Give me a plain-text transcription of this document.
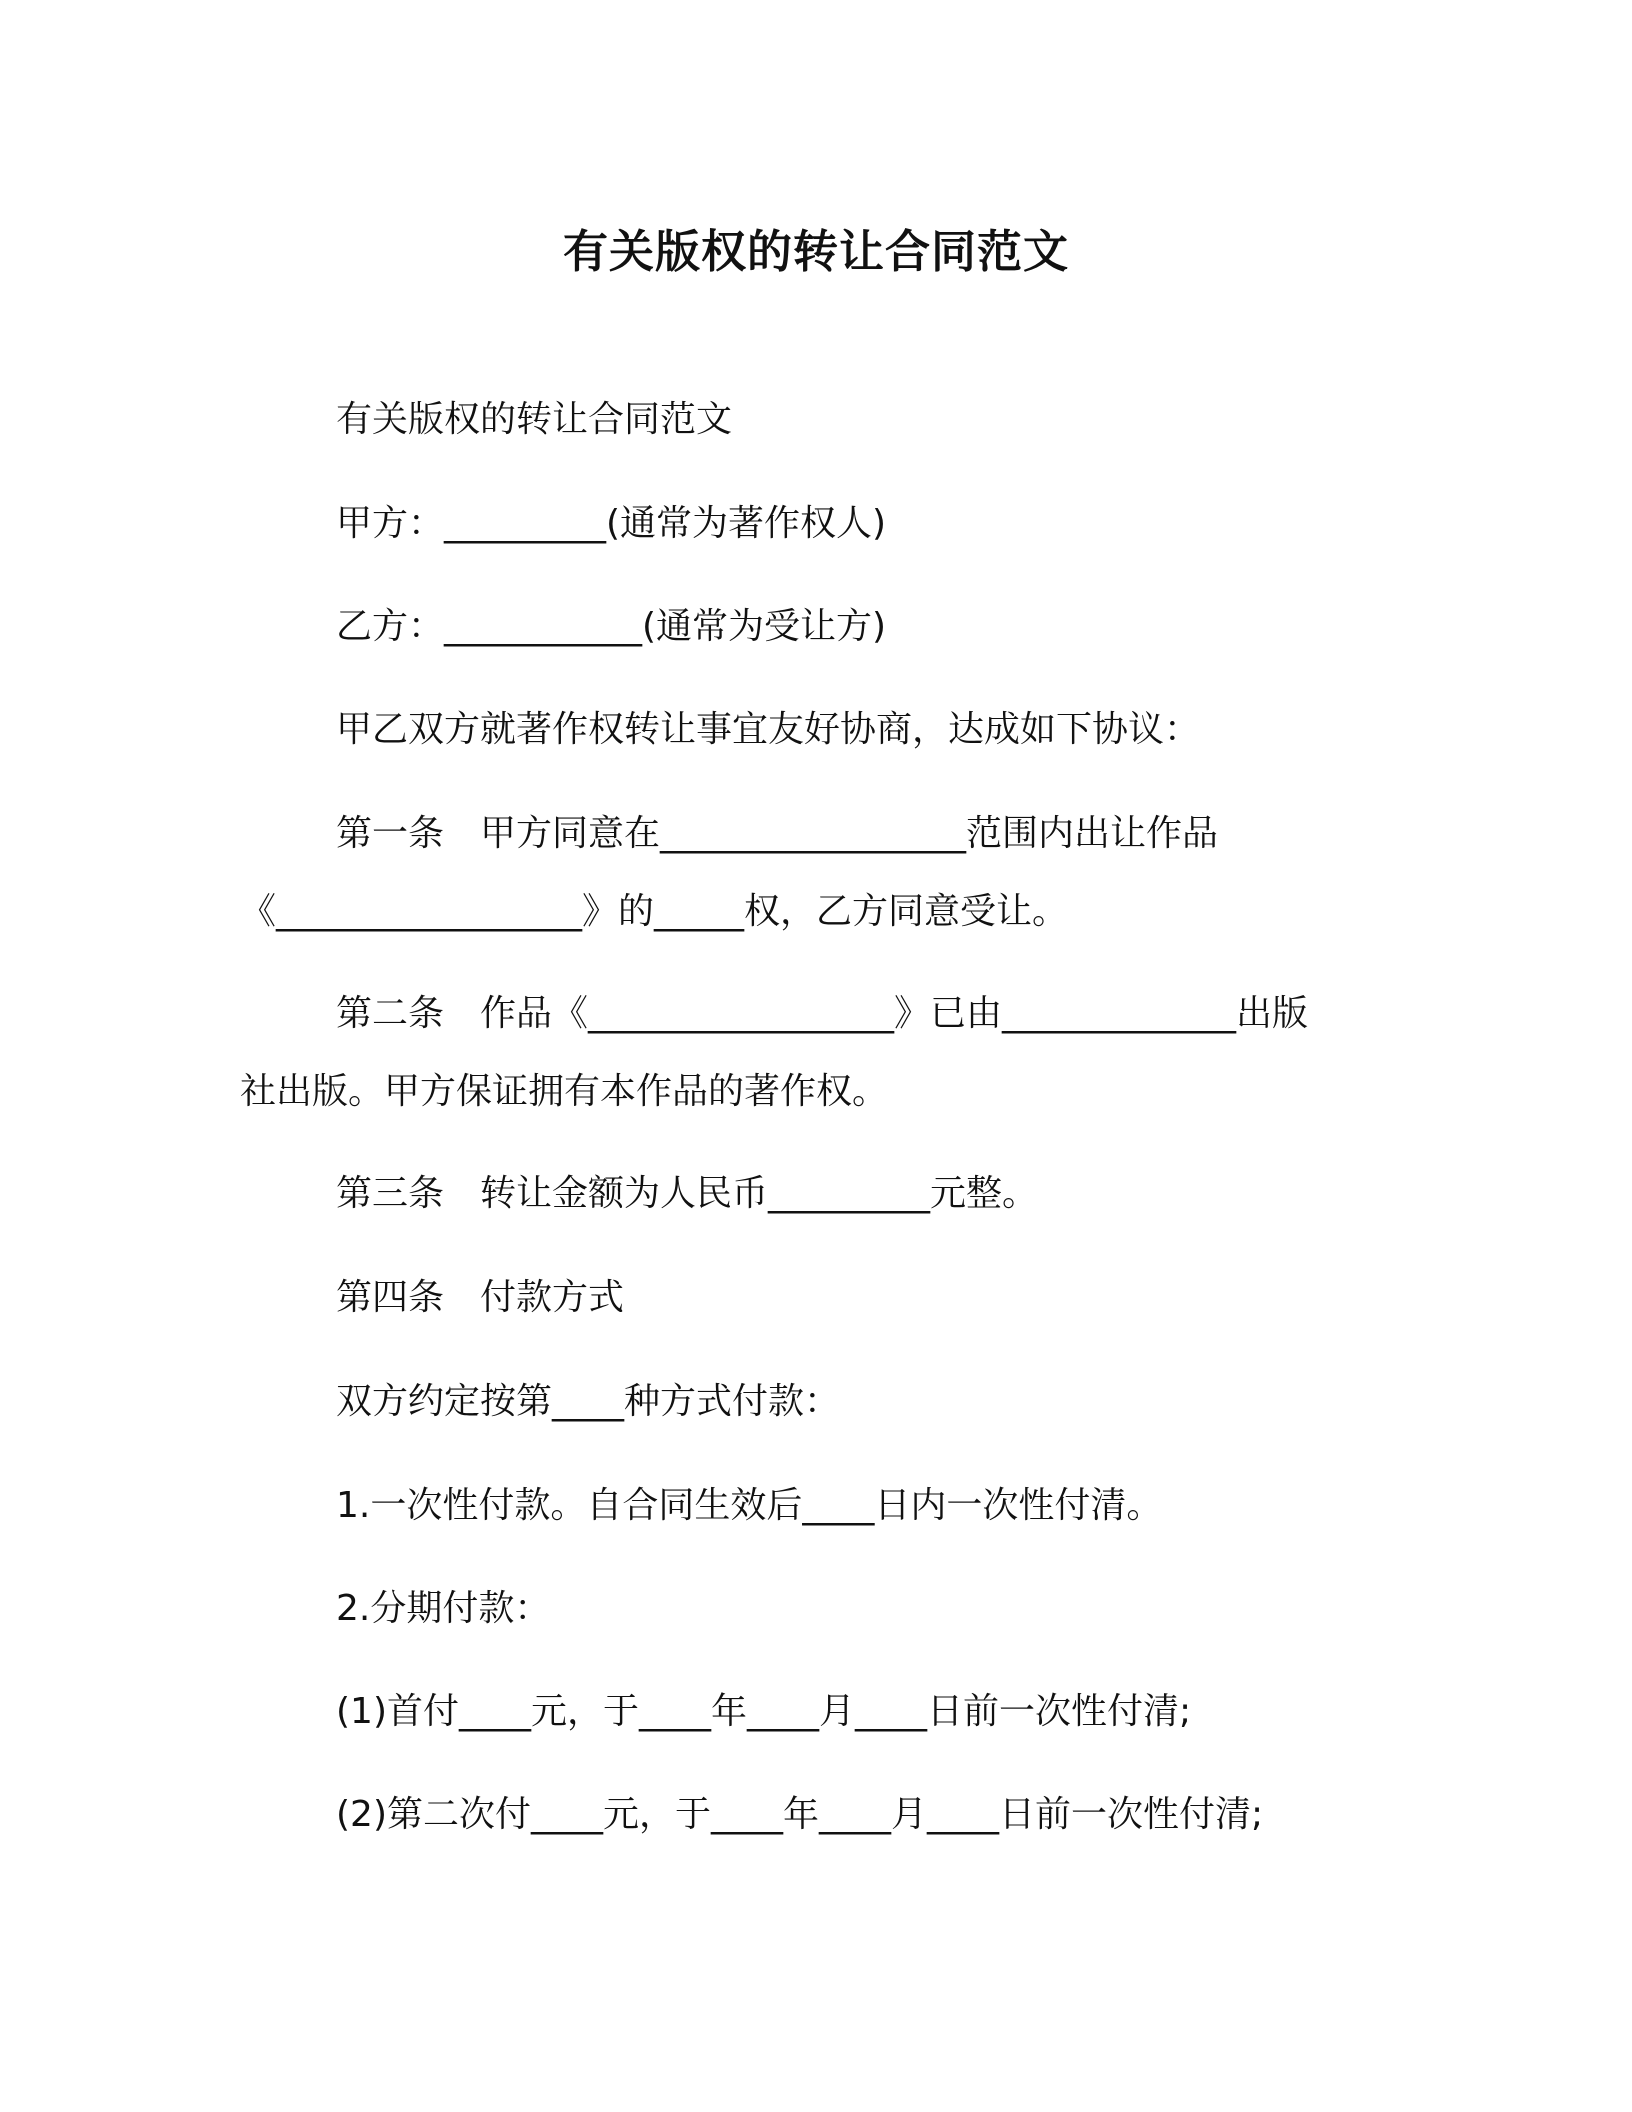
有关版权的转让合同范文

有关版权的转让合同范文

甲方：_________(通常为著作权人)

乙方：___________(通常为受让方)

甲乙双方就著作权转让事宜友好协商，达成如下协议：

第一条　甲方同意在_________________范围内出让作品

《_________________》的_____权，乙方同意受让。

第二条　作品《_________________》已由_____________出版

社出版。甲方保证拥有本作品的著作权。

第三条　转让金额为人民币_________元整。

第四条　付款方式

双方约定按第____种方式付款：

1.一次性付款。自合同生效后____日内一次性付清。

2.分期付款：

(1)首付____元，于____年____月____日前一次性付清;

(2)第二次付____元，于____年____月____日前一次性付清;
